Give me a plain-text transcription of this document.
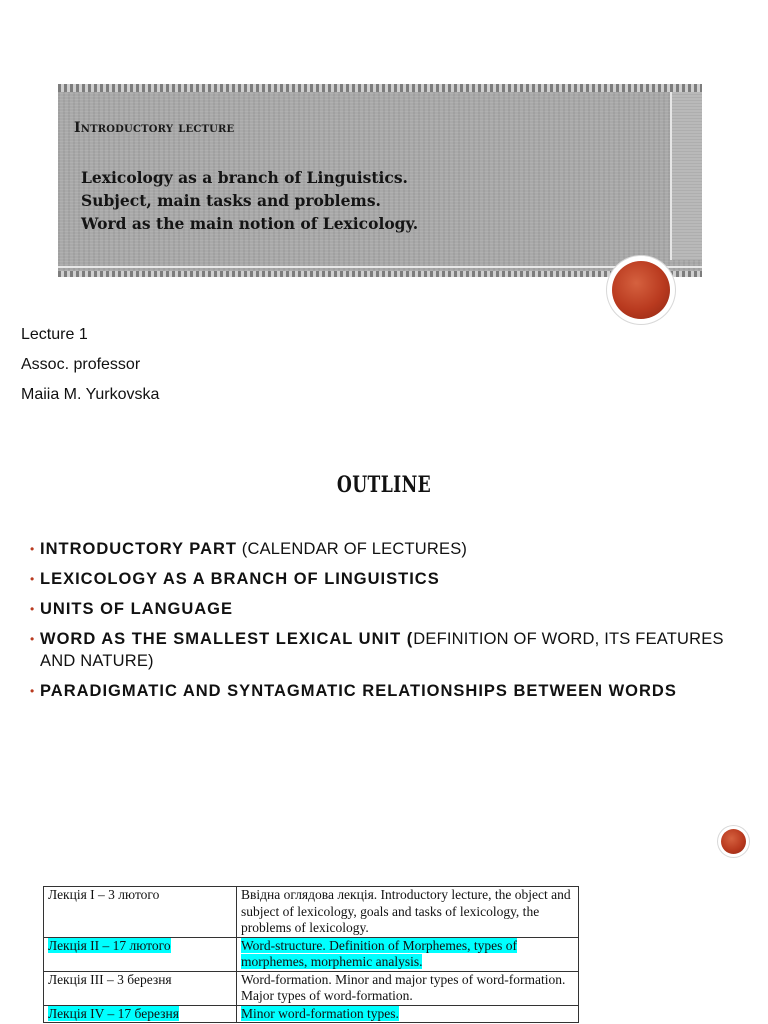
Introductory lecture
Lexicology as a branch of Linguistics.
Subject, main tasks and problems.
Word as the main notion of Lexicology.
Lecture 1
Assoc. professor
Maiia M. Yurkovska
OUTLINE
• INTRODUCTORY PART (CALENDAR OF LECTURES)
• LEXICOLOGY AS A BRANCH OF LINGUISTICS
• UNITS OF LANGUAGE
• WORD AS THE SMALLEST LEXICAL UNIT (DEFINITION OF WORD, ITS FEATURES AND NATURE)
• PARADIGMATIC AND SYNTAGMATIC RELATIONSHIPS BETWEEN WORDS
Лекція I – 3 лютого	Ввідна оглядова лекція. Introductory lecture, the object and subject of lexicology, goals and tasks of lexicology, the problems of lexicology.
Лекція II – 17 лютого	Word-structure. Definition of Morphemes, types of morphemes, morphemic analysis.
Лекція III – 3 березня	Word-formation. Minor and major types of word-formation. Major types of word-formation.
Лекція IV – 17 березня	Minor word-formation types.
